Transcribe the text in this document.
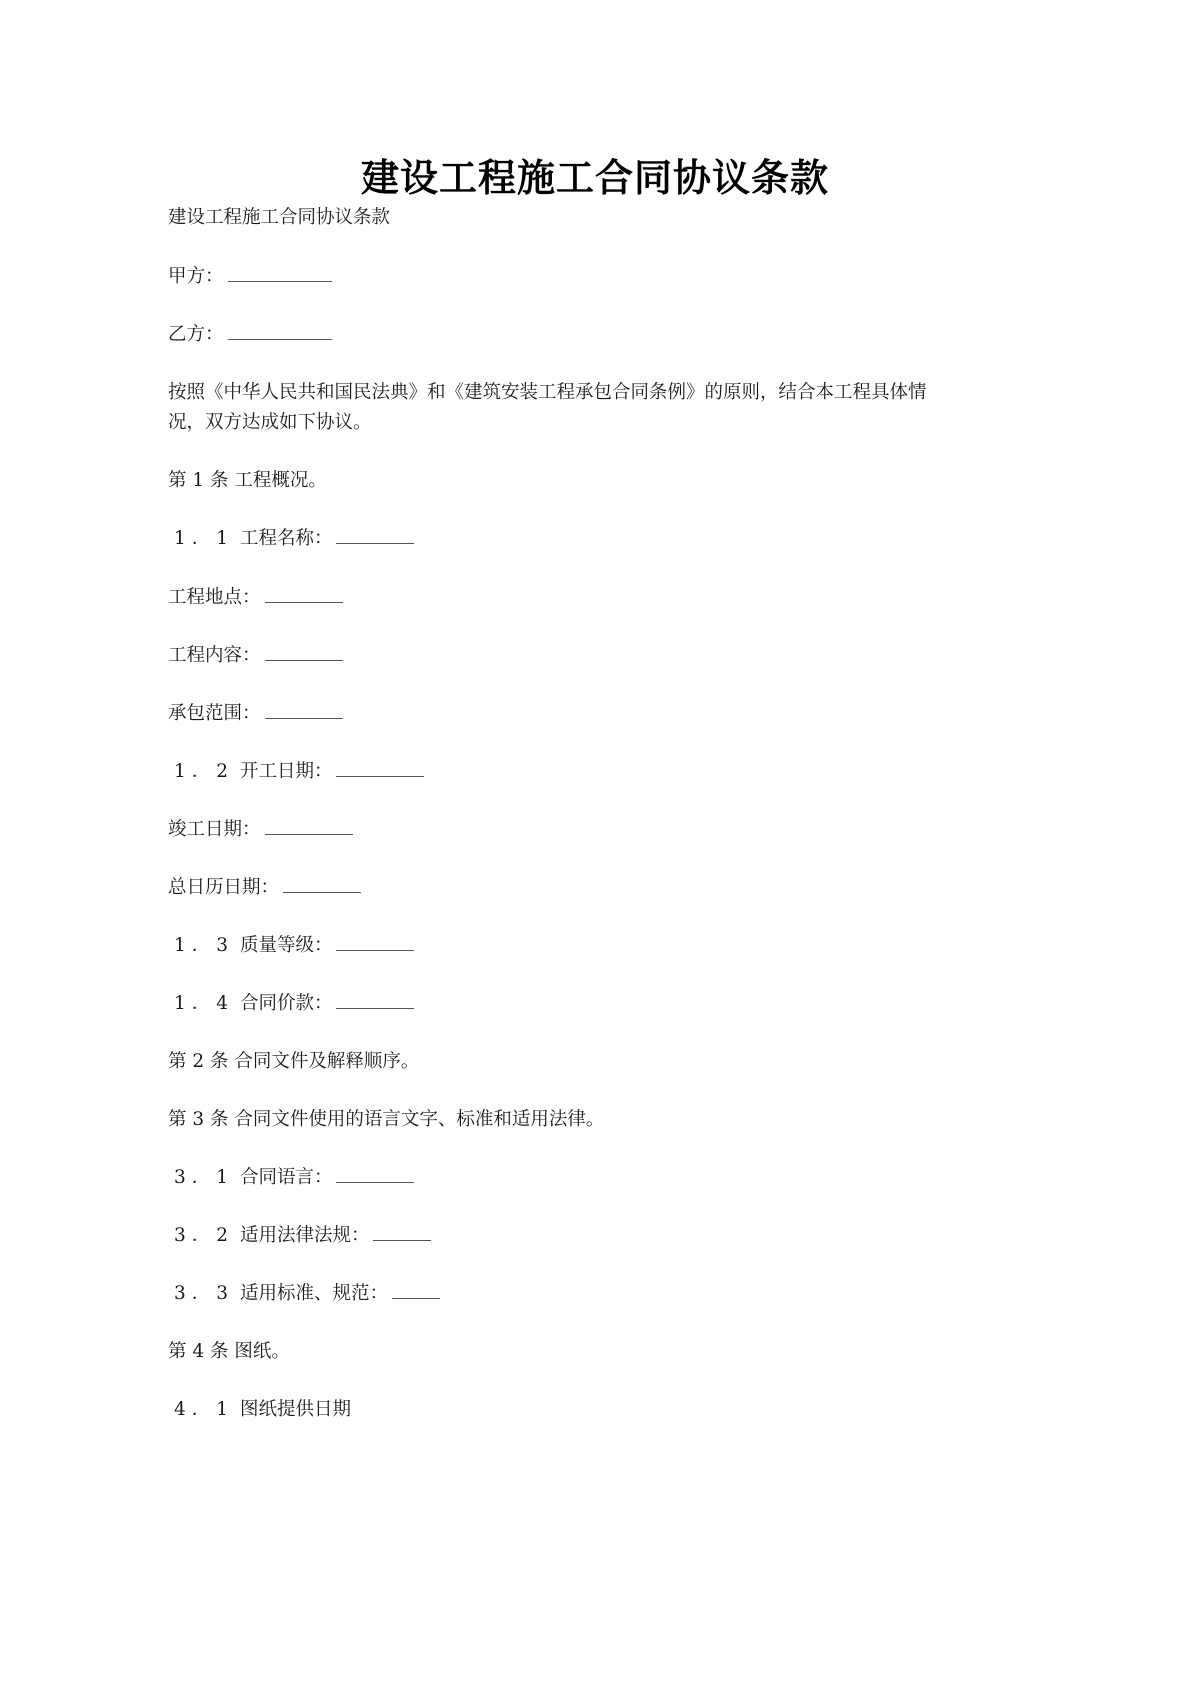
建设工程施工合同协议条款
建设工程施工合同协议条款
甲方：
乙方：
按照《中华人民共和国民法典》和《建筑安装工程承包合同条例》的原则，结合本工程具体情况，双方达成如下协议。
第 1 条 工程概况。
1．1 工程名称：
工程地点：
工程内容：
承包范围：
1．2 开工日期：
竣工日期：
总日历日期：
1．3 质量等级：
1．4 合同价款：
第 2 条 合同文件及解释顺序。
第 3 条 合同文件使用的语言文字、标准和适用法律。
3．1 合同语言：
3．2 适用法律法规：
3．3 适用标准、规范：
第 4 条 图纸。
4．1 图纸提供日期
